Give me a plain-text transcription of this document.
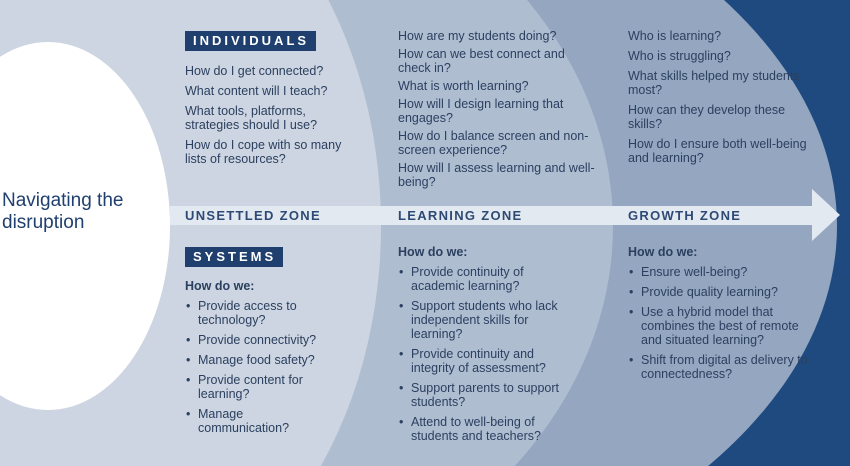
Navigating the disruption
INDIVIDUALS
SYSTEMS
UNSETTLED ZONE	LEARNING ZONE	GROWTH ZONE
How do I get connected?
What content will I teach?
What tools, platforms, strategies should I use?
How do I cope with so many lists of resources?
How do we:
• Provide access to technology?
• Provide connectivity?
• Manage food safety?
• Provide content for learning?
• Manage communication?
How are my students doing?
How can we best connect and check in?
What is worth learning?
How will I design learning that engages?
How do I balance screen and non-screen experience?
How will I assess learning and well-being?
How do we:
• Provide continuity of academic learning?
• Support students who lack independent skills for learning?
• Provide continuity and integrity of assessment?
• Support parents to support students?
• Attend to well-being of students and teachers?
Who is learning?
Who is struggling?
What skills helped my students most?
How can they develop these skills?
How do I ensure both well-being and learning?
How do we:
• Ensure well-being?
• Provide quality learning?
• Use a hybrid model that combines the best of remote and situated learning?
• Shift from digital as delivery to connectedness?
